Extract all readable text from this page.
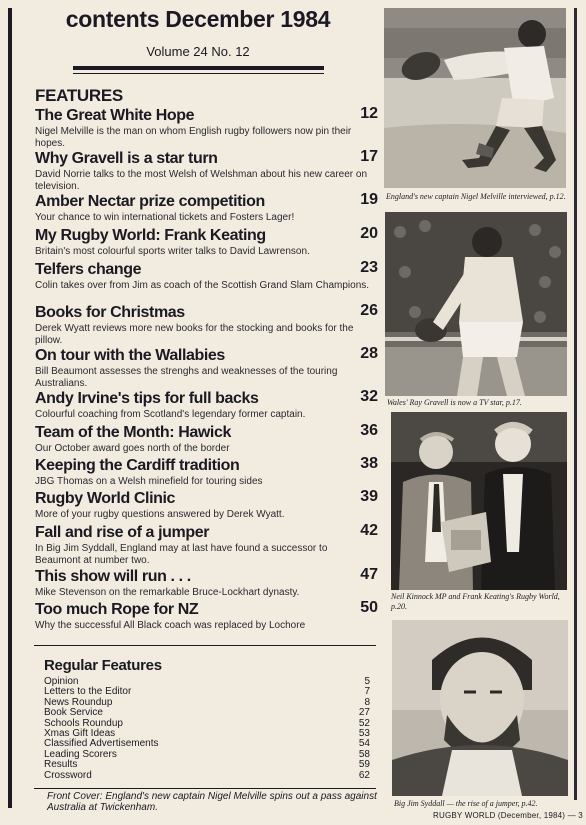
contents December 1984
Volume 24 No. 12
FEATURES
The Great White Hope
Nigel Melville is the man on whom English rugby followers now pin their hopes.
12
Why Gravell is a star turn
David Norrie talks to the most Welsh of Welshman about his new career on television.
17
Amber Nectar prize competition
Your chance to win international tickets and Fosters Lager!
19
My Rugby World: Frank Keating
Britain's most colourful sports writer talks to David Lawrenson.
20
Telfers change
Colin takes over from Jim as coach of the Scottish Grand Slam Champions.
23
Books for Christmas
Derek Wyatt reviews more new books for the stocking and books for the pillow.
26
On tour with the Wallabies
Bill Beaumont assesses the strenghs and weaknesses of the touring Australians.
28
Andy Irvine's tips for full backs
Colourful coaching from Scotland's legendary former captain.
32
Team of the Month: Hawick
Our October award goes north of the border
36
Keeping the Cardiff tradition
JBG Thomas on a Welsh minefield for touring sides
38
Rugby World Clinic
More of your rugby questions answered by Derek Wyatt.
39
Fall and rise of a jumper
In Big Jim Syddall, England may at last have found a successor to Beaumont at number two.
42
This show will run . . .
Mike Stevenson on the remarkable Bruce-Lockhart dynasty.
47
Too much Rope for NZ
Why the successful All Black coach was replaced by Lochore
50
Regular Features
Opinion	5
Letters to the Editor	7
News Roundup	8
Book Service	27
Schools Roundup	52
Xmas Gift Ideas	53
Classified Advertisements	54
Leading Scorers	58
Results	59
Crossword	62
Front Cover: England's new captain Nigel Melville spins out a pass against Australia at Twickenham.
RUGBY WORLD (December, 1984) — 3
England's new captain Nigel Melville interviewed, p.12.
Wales' Ray Gravell is now a TV star, p.17.
Neil Kinnock MP and Frank Keating's Rugby World, p.20.
Big Jim Syddall — the rise of a jumper, p.42.
